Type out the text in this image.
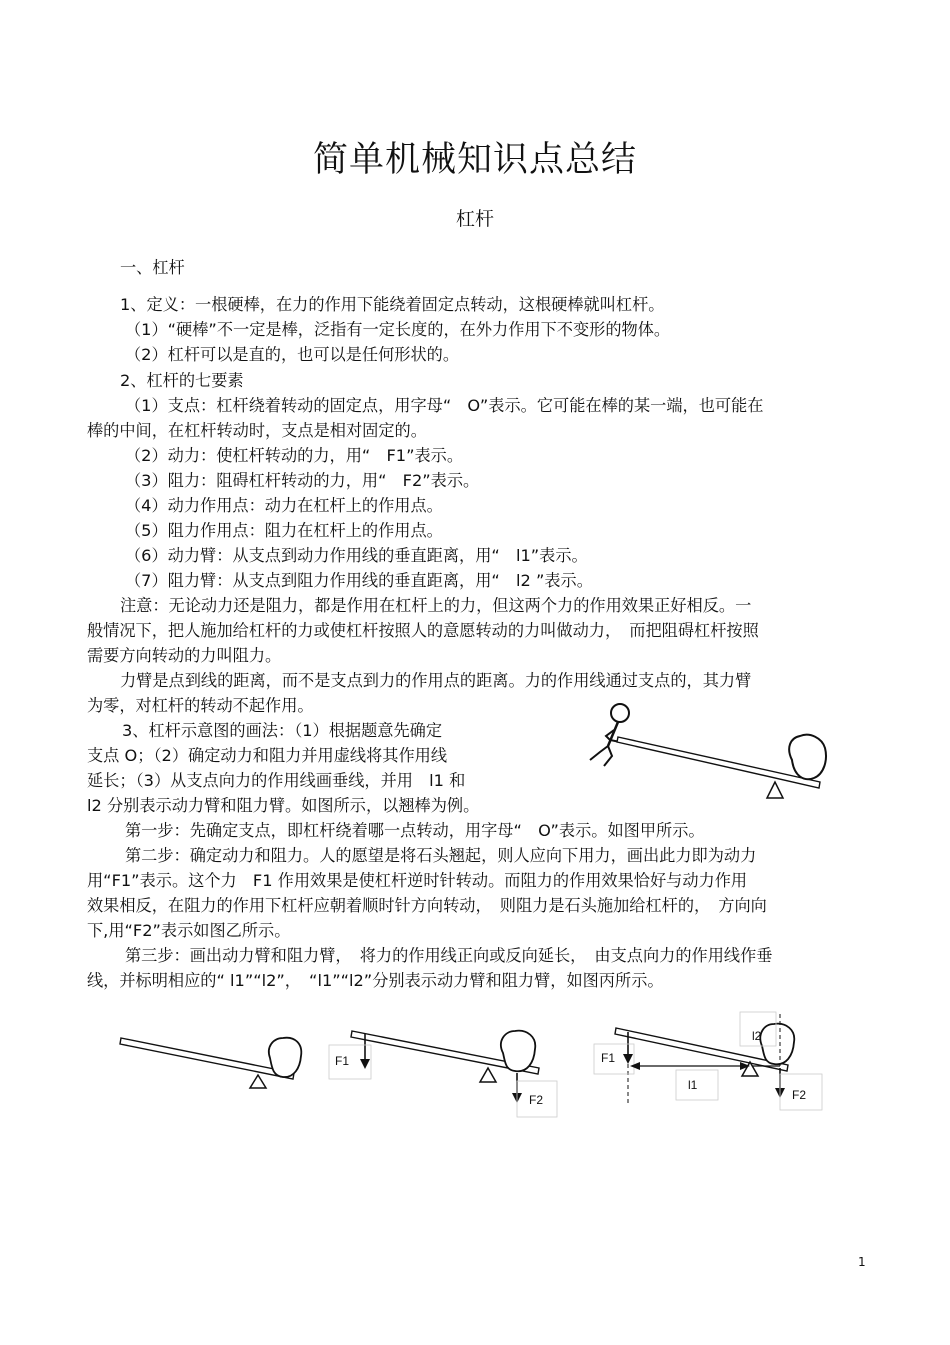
简单机械知识点总结
杠杆
一、杠杆
1、定义：一根硬棒，在力的作用下能绕着固定点转动，这根硬棒就叫杠杆。
（1）“硬棒”不一定是棒，泛指有一定长度的，在外力作用下不变形的物体。
（2）杠杆可以是直的，也可以是任何形状的。
2、杠杆的七要素
（1）支点：杠杆绕着转动的固定点，用字母“　O”表示。它可能在棒的某一端，也可能在
棒的中间，在杠杆转动时，支点是相对固定的。
（2）动力：使杠杆转动的力，用“　F1”表示。
（3）阻力：阻碍杠杆转动的力，用“　F2”表示。
（4）动力作用点：动力在杠杆上的作用点。
（5）阻力作用点：阻力在杠杆上的作用点。
（6）动力臂：从支点到动力作用线的垂直距离，用“　l1”表示。
（7）阻力臂：从支点到阻力作用线的垂直距离，用“　l2 ”表示。
注意：无论动力还是阻力，都是作用在杠杆上的力，但这两个力的作用效果正好相反。一
般情况下，把人施加给杠杆的力或使杠杆按照人的意愿转动的力叫做动力，　而把阻碍杠杆按照
需要方向转动的力叫阻力。
力臂是点到线的距离，而不是支点到力的作用点的距离。力的作用线通过支点的，其力臂
为零，对杠杆的转动不起作用。
3、杠杆示意图的画法：（1）根据题意先确定
支点 O；（2）确定动力和阻力并用虚线将其作用线
延长；（3）从支点向力的作用线画垂线，并用　l1 和
l2 分别表示动力臂和阻力臂。如图所示，以翘棒为例。
第一步：先确定支点，即杠杆绕着哪一点转动，用字母“　O”表示。如图甲所示。
第二步：确定动力和阻力。人的愿望是将石头翘起，则人应向下用力，画出此力即为动力
用“F1”表示。这个力　F1 作用效果是使杠杆逆时针转动。而阻力的作用效果恰好与动力作用
效果相反，在阻力的作用下杠杆应朝着顺时针方向转动，　则阻力是石头施加给杠杆的，　方向向
下,用“F2”表示如图乙所示。
第三步：画出动力臂和阻力臂，　将力的作用线正向或反向延长，　由支点向力的作用线作垂
线，并标明相应的“ l1”“l2”，　“l1”“l2”分别表示动力臂和阻力臂，如图丙所示。
F1
F2
F1
l1
l2
F2
1
